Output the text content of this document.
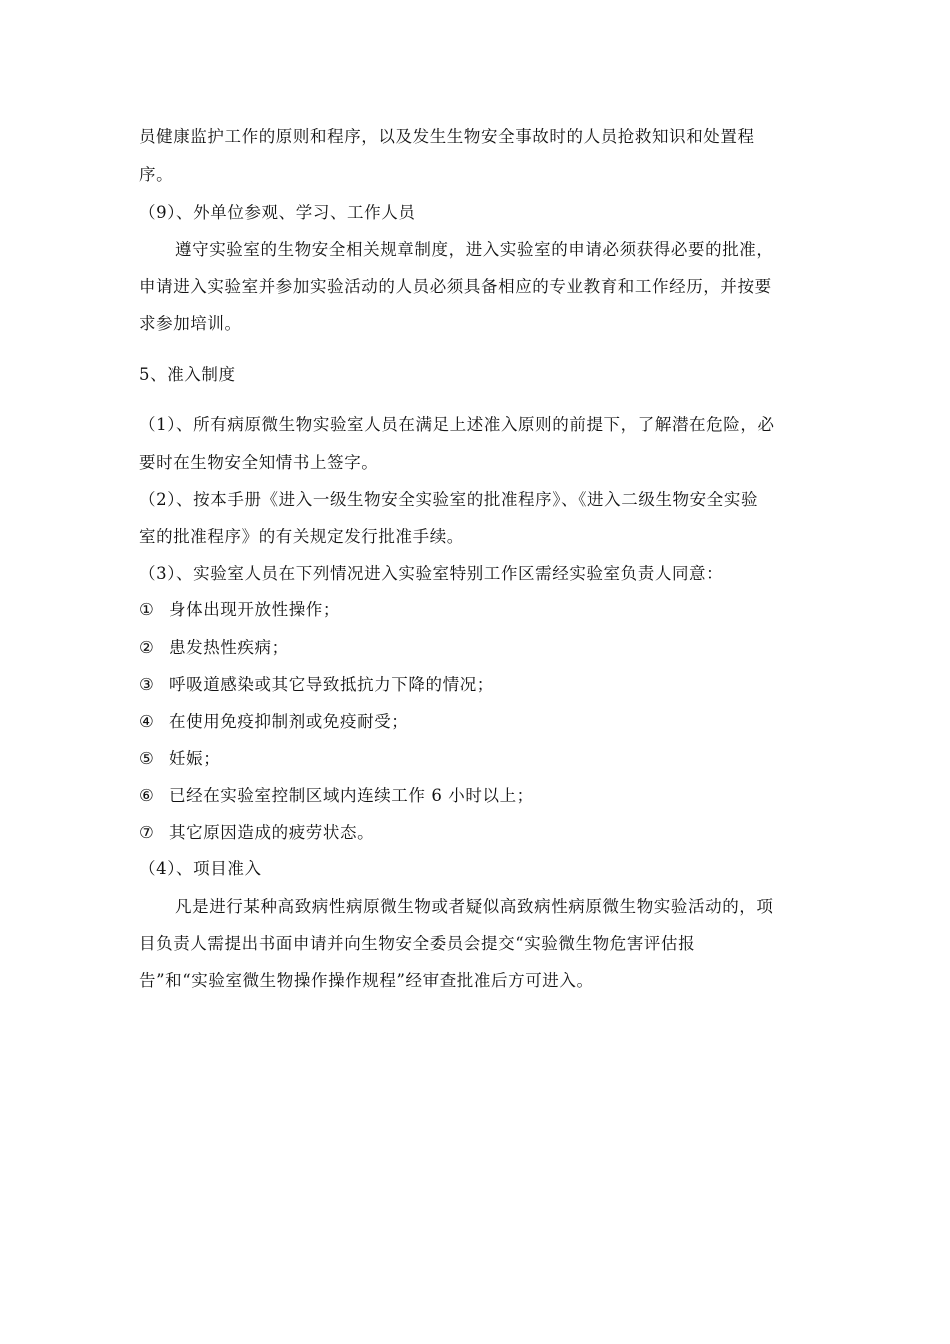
员健康监护工作的原则和程序，以及发生生物安全事故时的人员抢救知识和处置程
序。
（9）、外单位参观、学习、工作人员
遵守实验室的生物安全相关规章制度，进入实验室的申请必须获得必要的批准，
申请进入实验室并参加实验活动的人员必须具备相应的专业教育和工作经历，并按要
求参加培训。
5、准入制度
（1）、所有病原微生物实验室人员在满足上述准入原则的前提下，了解潜在危险，必
要时在生物安全知情书上签字。
（2）、按本手册《进入一级生物安全实验室的批准程序》、《进入二级生物安全实验
室的批准程序》的有关规定发行批准手续。
（3）、实验室人员在下列情况进入实验室特别工作区需经实验室负责人同意：
① 身体出现开放性操作；
② 患发热性疾病；
③ 呼吸道感染或其它导致抵抗力下降的情况；
④ 在使用免疫抑制剂或免疫耐受；
⑤ 妊娠；
⑥ 已经在实验室控制区域内连续工作 6 小时以上；
⑦ 其它原因造成的疲劳状态。
（4）、项目准入
凡是进行某种高致病性病原微生物或者疑似高致病性病原微生物实验活动的，项
目负责人需提出书面申请并向生物安全委员会提交“实验微生物危害评估报
告”和“实验室微生物操作操作规程”经审查批准后方可进入。
